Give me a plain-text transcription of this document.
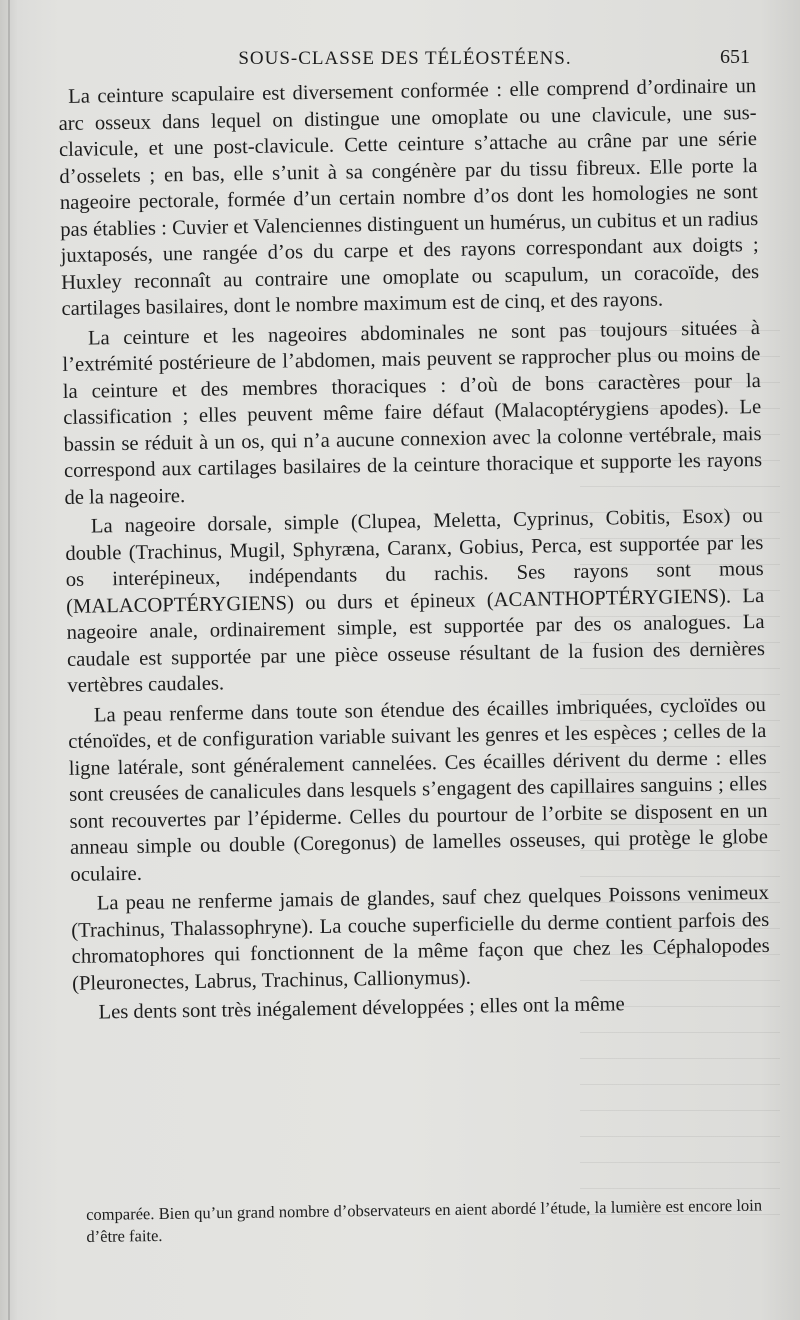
SOUS-CLASSE DES TÉLÉOSTÉENS.	651

La ceinture scapulaire est diversement conformée : elle comprend d’ordinaire un arc osseux dans lequel on distingue une omoplate ou une clavicule, une sus-clavicule, et une post-clavicule. Cette ceinture s’attache au crâne par une série d’osselets ; en bas, elle s’unit à sa congénère par du tissu fibreux. Elle porte la nageoire pectorale, formée d’un certain nombre d’os dont les homologies ne sont pas établies : Cuvier et Valenciennes distinguent un humérus, un cubitus et un radius juxtaposés, une rangée d’os du carpe et des rayons correspondant aux doigts ; Huxley reconnaît au contraire une omoplate ou scapulum, un coracoïde, des cartilages basilaires, dont le nombre maximum est de cinq, et des rayons.

La ceinture et les nageoires abdominales ne sont pas toujours situées à l’extrémité postérieure de l’abdomen, mais peuvent se rapprocher plus ou moins de la ceinture et des membres thoraciques : d’où de bons caractères pour la classification ; elles peuvent même faire défaut (Malacoptérygiens apodes). Le bassin se réduit à un os, qui n’a aucune connexion avec la colonne vertébrale, mais correspond aux cartilages basilaires de la ceinture thoracique et supporte les rayons de la nageoire.

La nageoire dorsale, simple (Clupea, Meletta, Cyprinus, Cobitis, Esox) ou double (Trachinus, Mugil, Sphyræna, Caranx, Gobius, Perca, est supportée par les os interépineux, indépendants du rachis. Ses rayons sont mous (MALACOPTÉRYGIENS) ou durs et épineux (ACANTHOPTÉRYGIENS). La nageoire anale, ordinairement simple, est supportée par des os analogues. La caudale est supportée par une pièce osseuse résultant de la fusion des dernières vertèbres caudales.

La peau renferme dans toute son étendue des écailles imbriquées, cycloïdes ou cténoïdes, et de configuration variable suivant les genres et les espèces ; celles de la ligne latérale, sont généralement cannelées. Ces écailles dérivent du derme : elles sont creusées de canalicules dans lesquels s’engagent des capillaires sanguins ; elles sont recouvertes par l’épiderme. Celles du pourtour de l’orbite se disposent en un anneau simple ou double (Coregonus) de lamelles osseuses, qui protège le globe oculaire.

La peau ne renferme jamais de glandes, sauf chez quelques Poissons venimeux (Trachinus, Thalassophryne). La couche superficielle du derme contient parfois des chromatophores qui fonctionnent de la même façon que chez les Céphalopodes (Pleuronectes, Labrus, Trachinus, Callionymus).

Les dents sont très inégalement développées ; elles ont la même

comparée. Bien qu’un grand nombre d’observateurs en aient abordé l’étude, la lumière est encore loin d’être faite.
